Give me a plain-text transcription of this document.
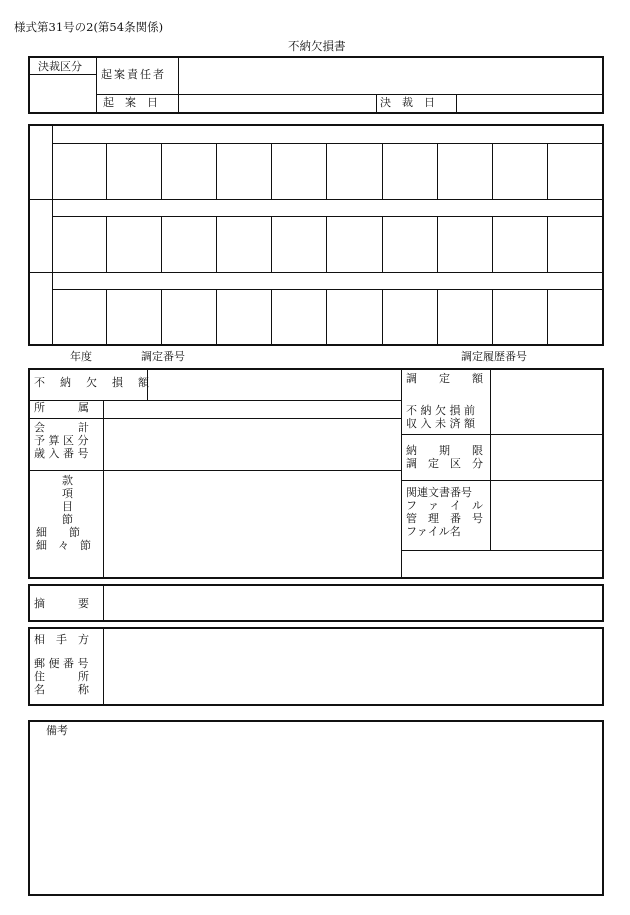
様式第31号の2(第54条関係)
不納欠損書
決裁区分
起案責任者
起　案　日	決　裁　日
年度	調定番号	調定履歴番号
不　納　欠　損　額
所　　　属
会　　　計
予 算 区 分
歳 入 番 号
款
項
目
節
細　　節
細　々　節
調　　定　　額
不 納 欠 損 前
収 入 未 済 額
納　　期　　限
調　定　区　分
関連文書番号
フ　ァ　イ　ル
管　理　番　号
ファイル名
摘　　　要
相　手　方
郵 便 番 号
住　　　所
名　　　称
備考
